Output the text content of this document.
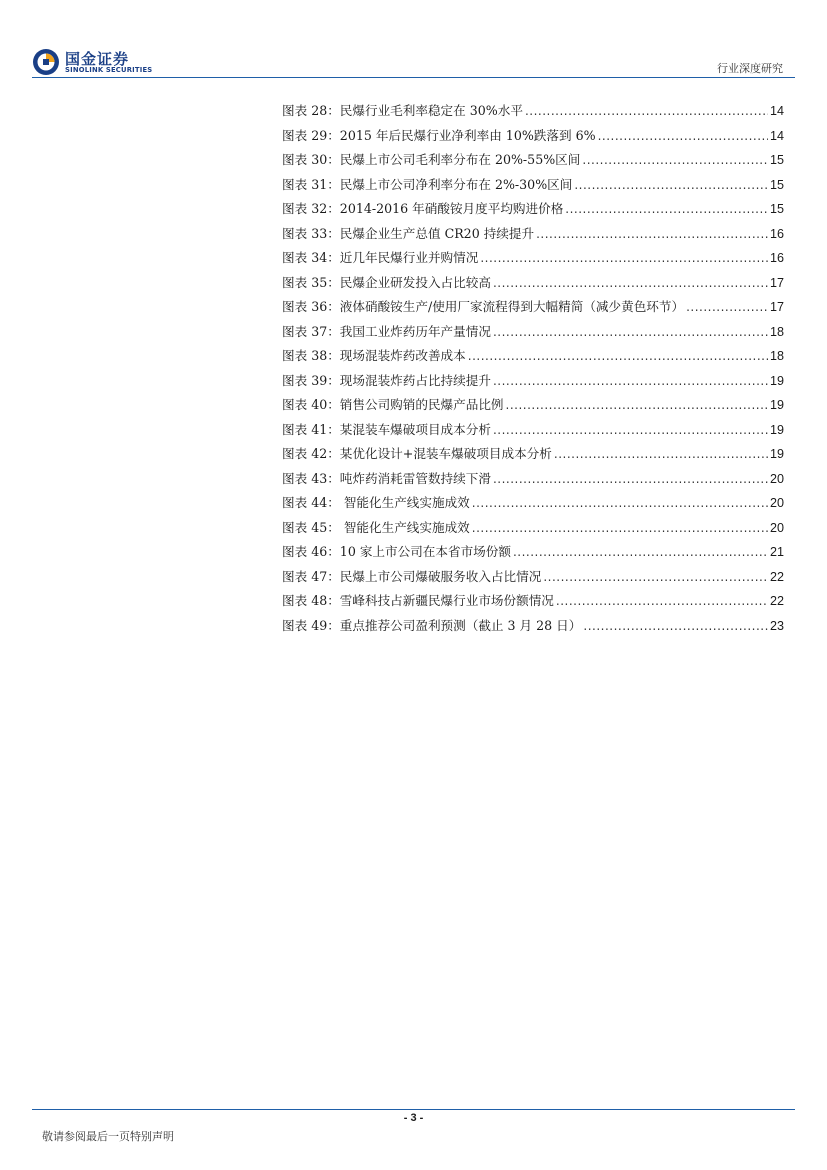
国金证券
SINOLINK SECURITIES	行业深度研究
图表 28：民爆行业毛利率稳定在 30%水平 .....	14
图表 29：2015 年后民爆行业净利率由 10%跌落到 6% .....	14
图表 30：民爆上市公司毛利率分布在 20%-55%区间 .....	15
图表 31：民爆上市公司净利率分布在 2%-30%区间 .....	15
图表 32：2014-2016 年硝酸铵月度平均购进价格 .....	15
图表 33：民爆企业生产总值 CR20 持续提升 .....	16
图表 34：近几年民爆行业并购情况 .....	16
图表 35：民爆企业研发投入占比较高 .....	17
图表 36：液体硝酸铵生产/使用厂家流程得到大幅精简（减少黄色环节） .....	17
图表 37：我国工业炸药历年产量情况 .....	18
图表 38：现场混装炸药改善成本 .....	18
图表 39：现场混装炸药占比持续提升 .....	19
图表 40：销售公司购销的民爆产品比例 .....	19
图表 41：某混装车爆破项目成本分析 .....	19
图表 42：某优化设计+混装车爆破项目成本分析 .....	19
图表 43：吨炸药消耗雷管数持续下滑 .....	20
图表 44： 智能化生产线实施成效 .....	20
图表 45： 智能化生产线实施成效 .....	20
图表 46：10 家上市公司在本省市场份额 .....	21
图表 47：民爆上市公司爆破服务收入占比情况 .....	22
图表 48：雪峰科技占新疆民爆行业市场份额情况 .....	22
图表 49：重点推荐公司盈利预测（截止 3 月 28 日） .....	23
- 3 -
敬请参阅最后一页特别声明
